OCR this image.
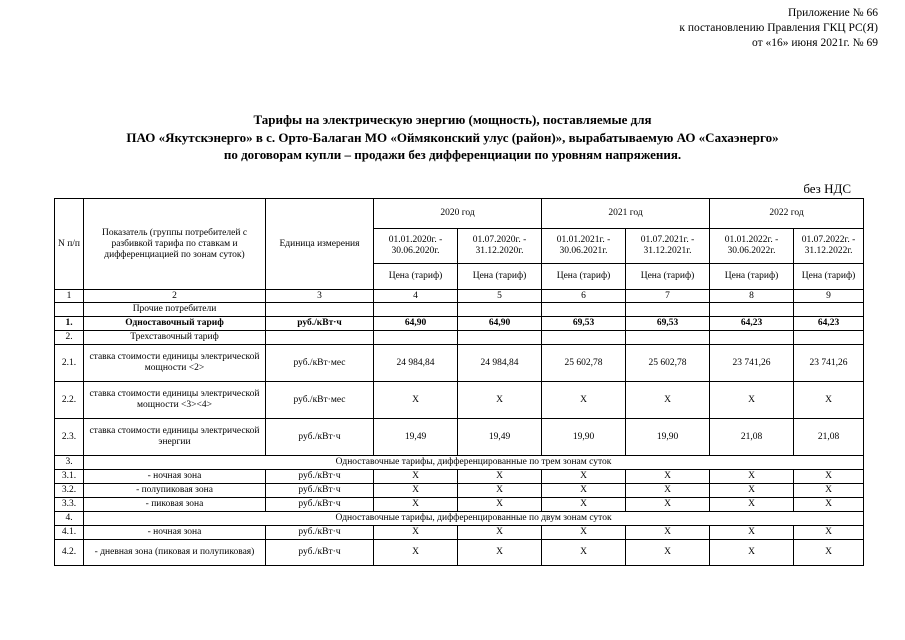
Приложение № 66
к постановлению Правления ГКЦ РС(Я)
от «16» июня 2021г. № 69
Тарифы на электрическую энергию (мощность), поставляемые для
ПАО «Якутскэнерго» в с. Орто-Балаган МО «Оймяконский улус (район)», вырабатываемую АО «Сахаэнерго»
по договорам купли – продажи без дифференциации по уровням напряжения.
без НДС
N п/п	Показатель (группы потребителей с разбивкой тарифа по ставкам и дифференциацией по зонам суток)	Единица измерения	2020 год		2021 год		2022 год	
			01.01.2020г. - 30.06.2020г.	01.07.2020г. - 31.12.2020г.	01.01.2021г. - 30.06.2021г.	01.07.2021г. - 31.12.2021г.	01.01.2022г. - 30.06.2022г.	01.07.2022г. - 31.12.2022г.
			Цена (тариф)	Цена (тариф)	Цена (тариф)	Цена (тариф)	Цена (тариф)	Цена (тариф)
1	2	3	4	5	6	7	8	9
	Прочие потребители							
1.	Одноставочный тариф	руб./кВт·ч	64,90	64,90	69,53	69,53	64,23	64,23
2.	Трехставочный тариф							
2.1.	ставка стоимости единицы электрической мощности <2>	руб./кВт·мес	24 984,84	24 984,84	25 602,78	25 602,78	23 741,26	23 741,26
2.2.	ставка стоимости единицы электрической мощности <3><4>	руб./кВт·мес	X	X	X	X	X	X
2.3.	ставка стоимости единицы электрической энергии	руб./кВт·ч	19,49	19,49	19,90	19,90	21,08	21,08
3.	Одноставочные тарифы, дифференцированные по трем зонам суток							
3.1.	- ночная зона	руб./кВт·ч	X	X	X	X	X	X
3.2.	- полупиковая зона	руб./кВт·ч	X	X	X	X	X	X
3.3.	- пиковая зона	руб./кВт·ч	X	X	X	X	X	X
4.	Одноставочные тарифы, дифференцированные по двум зонам суток							
4.1.	- ночная зона	руб./кВт·ч	X	X	X	X	X	X
4.2.	- дневная зона (пиковая и полупиковая)	руб./кВт·ч	X	X	X	X	X	X
